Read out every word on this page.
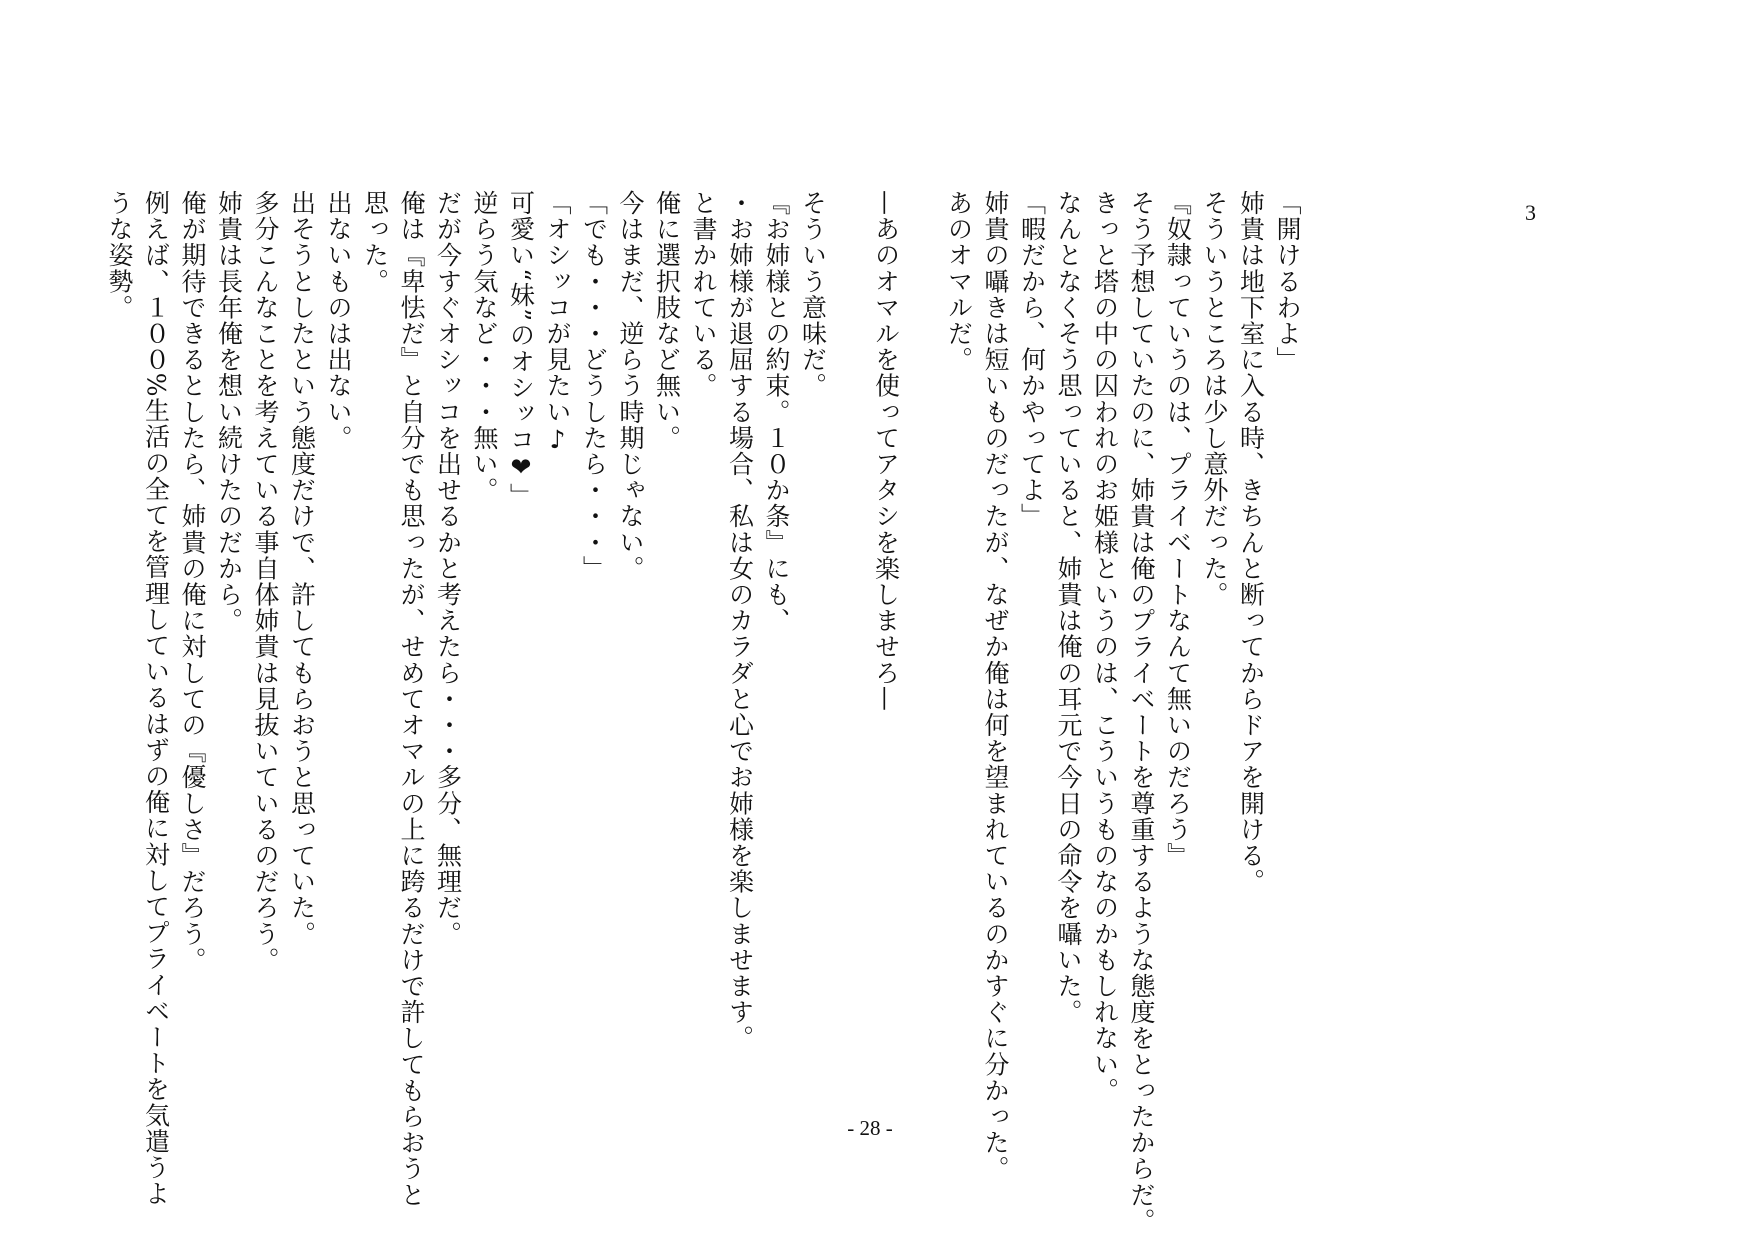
3
「開けるわよ」
姉貴は地下室に入る時、きちんと断ってからドアを開ける。
そういうところは少し意外だった。
『奴隷っていうのは、プライベートなんて無いのだろう』
そう予想していたのに、姉貴は俺のプライベートを尊重するような態度をとったからだ。
きっと塔の中の囚われのお姫様というのは、こういうものなのかもしれない。
なんとなくそう思っていると、姉貴は俺の耳元で今日の命令を囁いた。
「暇だから、何かやってよ」
姉貴の囁きは短いものだったが、なぜか俺は何を望まれているのかすぐに分かった。
あのオマルだ。

—あのオマルを使ってアタシを楽しませろ—

そういう意味だ。
『お姉様との約束。１０か条』にも、
・お姉様が退屈する場合、私は女のカラダと心でお姉様を楽しませます。
と書かれている。
俺に選択肢など無い。
今はまだ、逆らう時期じゃない。
「でも・・・どうしたら・・・」
「オシッコが見たい♪
可愛い“妹”のオシッコ❤」
逆らう気など・・・無い。
だが今すぐオシッコを出せるかと考えたら・・・多分、無理だ。
俺は『卑怯だ』と自分でも思ったが、せめてオマルの上に跨るだけで許してもらおうと
思った。
出ないものは出ない。
出そうとしたという態度だけで、許してもらおうと思っていた。
多分こんなことを考えている事自体姉貴は見抜いているのだろう。
姉貴は長年俺を想い続けたのだから。
俺が期待できるとしたら、姉貴の俺に対しての『優しさ』だろう。
例えば、１００%生活の全てを管理しているはずの俺に対してプライベートを気遣うよ
うな姿勢。
- 28 -
